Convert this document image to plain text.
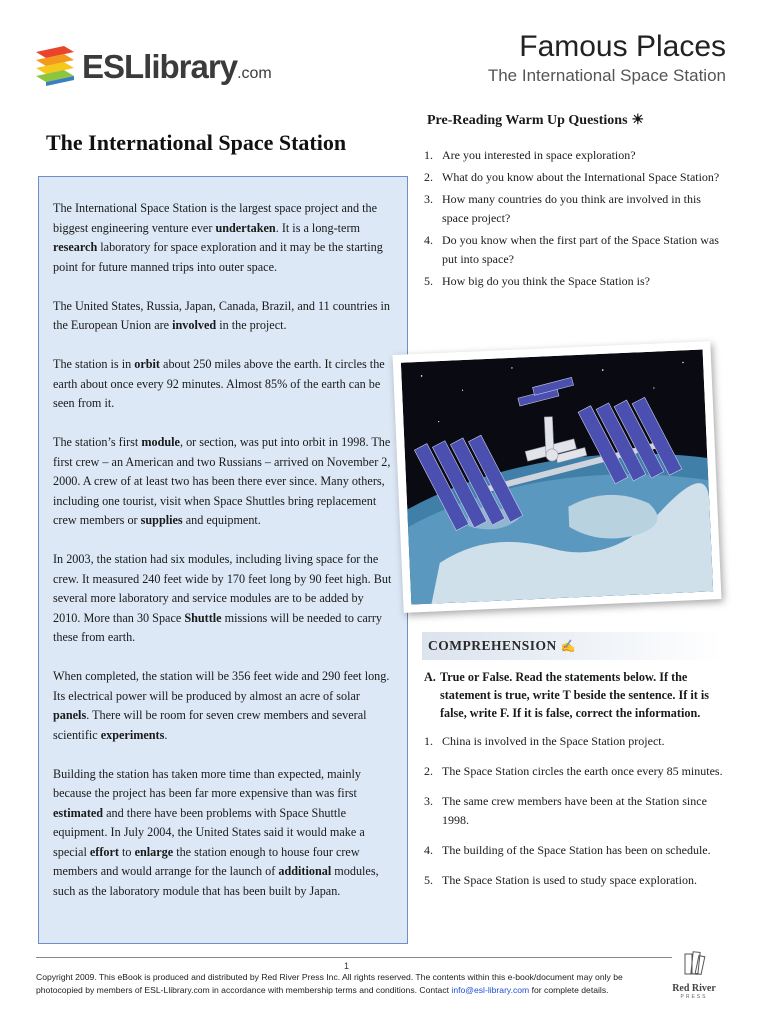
ESLlibrary.com
Famous Places
The International Space Station
The International Space Station

The International Space Station is the largest space project and the biggest engineering venture ever undertaken. It is a long-term research laboratory for space exploration and it may be the starting point for future manned trips into outer space.

The United States, Russia, Japan, Canada, Brazil, and 11 countries in the European Union are involved in the project.

The station is in orbit about 250 miles above the earth. It circles the earth about once every 92 minutes. Almost 85% of the earth can be seen from it.

The station’s first module, or section, was put into orbit in 1998. The first crew – an American and two Russians – arrived on November 2, 2000. A crew of at least two has been there ever since. Many others, including one tourist, visit when Space Shuttles bring replacement crew members or supplies and equipment.

In 2003, the station had six modules, including living space for the crew. It measured 240 feet wide by 170 feet long by 90 feet high. But several more laboratory and service modules are to be added by 2010. More than 30 Space Shuttle missions will be needed to carry these from earth.

When completed, the station will be 356 feet wide and 290 feet long. Its electrical power will be produced by almost an acre of solar panels. There will be room for seven crew members and several scientific experiments.

Building the station has taken more time than expected, mainly because the project has been far more expensive than was first estimated and there have been problems with Space Shuttle equipment. In July 2004, the United States said it would make a special effort to enlarge the station enough to house four crew members and would arrange for the launch of additional modules, such as the laboratory module that has been built by Japan.

Pre-Reading Warm Up Questions ☀
1. Are you interested in space exploration?
2. What do you know about the International Space Station?
3. How many countries do you think are involved in this space project?
4. Do you know when the first part of the Space Station was put into space?
5. How big do you think the Space Station is?
COMPREHENSION ✍
A. True or False. Read the statements below. If the statement is true, write T beside the sentence. If it is false, write F. If it is false, correct the information.
1. China is involved in the Space Station project.
2. The Space Station circles the earth once every 85 minutes.
3. The same crew members have been at the Station since 1998.
4. The building of the Space Station has been on schedule.
5. The Space Station is used to study space exploration.
1
Copyright 2009. This eBook is produced and distributed by Red River Press Inc. All rights reserved. The contents within this e-book/document may only be photocopied by members of ESL-Llibrary.com in accordance with membership terms and conditions. Contact info@esl-library.com for complete details.	Red River
PRESS
